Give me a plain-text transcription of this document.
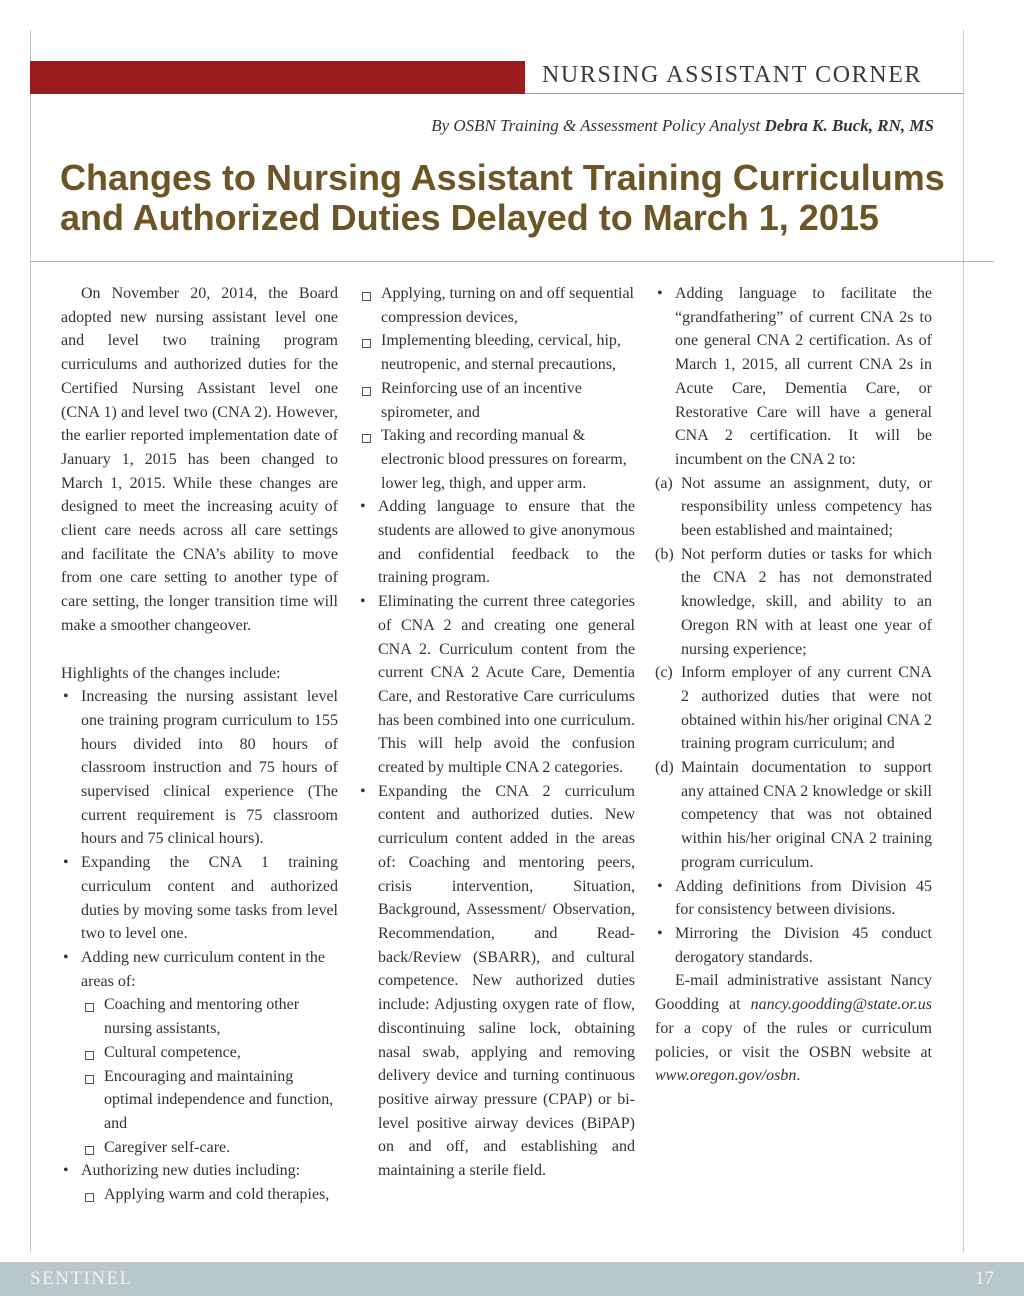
NURSING ASSISTANT CORNER
By OSBN Training & Assessment Policy Analyst Debra K. Buck, RN, MS
Changes to Nursing Assistant Training Curriculums
and Authorized Duties Delayed to March 1, 2015

On November 20, 2014, the Board adopted new nursing assistant level one and level two training program curriculums and authorized duties for the Certified Nursing Assistant level one (CNA 1) and level two (CNA 2). However, the earlier reported implementation date of January 1, 2015 has been changed to March 1, 2015. While these changes are designed to meet the increasing acuity of client care needs across all care settings and facilitate the CNA’s ability to move from one care setting to another type of care setting, the longer transition time will make a smoother changeover.

Highlights of the changes include:

• Increasing the nursing assistant level one training program curriculum to 155 hours divided into 80 hours of classroom instruction and 75 hours of supervised clinical experience (The current requirement is 75 classroom hours and 75 clinical hours).
• Expanding the CNA 1 training curriculum content and authorized duties by moving some tasks from level two to level one.
• Adding new curriculum content in the areas of:
Coaching and mentoring other nursing assistants,
Cultural competence,
Encouraging and maintaining optimal independence and function, and
Caregiver self-care.
• Authorizing new duties including:
Applying warm and cold therapies,
Applying, turning on and off sequential compression devices,
Implementing bleeding, cervical, hip, neutropenic, and sternal precautions,
Reinforcing use of an incentive spirometer, and
Taking and recording manual & electronic blood pressures on forearm, lower leg, thigh, and upper arm.
• Adding language to ensure that the students are allowed to give anonymous and confidential feedback to the training program.
• Eliminating the current three categories of CNA 2 and creating one general CNA 2. Curriculum content from the current CNA 2 Acute Care, Dementia Care, and Restorative Care curriculums has been combined into one curriculum. This will help avoid the confusion created by multiple CNA 2 categories.
• Expanding the CNA 2 curriculum content and authorized duties. New curriculum content added in the areas of: Coaching and mentoring peers, crisis intervention, Situation, Background, Assessment/ Observation, Recommendation, and Read-back/Review (SBARR), and cultural competence. New authorized duties include: Adjusting oxygen rate of flow, discontinuing saline lock, obtaining nasal swab, applying and removing delivery device and turning continuous positive airway pressure (CPAP) or bi-level positive airway devices (BiPAP) on and off, and establishing and maintaining a sterile field.
• Adding language to facilitate the “grandfathering” of current CNA 2s to one general CNA 2 certification. As of March 1, 2015, all current CNA 2s in Acute Care, Dementia Care, or Restorative Care will have a general CNA 2 certification. It will be incumbent on the CNA 2 to:
(a) Not assume an assignment, duty, or responsibility unless competency has been established and maintained;
(b) Not perform duties or tasks for which the CNA 2 has not demonstrated knowledge, skill, and ability to an Oregon RN with at least one year of nursing experience;
(c) Inform employer of any current CNA 2 authorized duties that were not obtained within his/her original CNA 2 training program curriculum; and
(d) Maintain documentation to support any attained CNA 2 knowledge or skill competency that was not obtained within his/her original CNA 2 training program curriculum.
• Adding definitions from Division 45 for consistency between divisions.
• Mirroring the Division 45 conduct derogatory standards.

E-mail administrative assistant Nancy Goodding at nancy.goodding@state.or.us for a copy of the rules or curriculum policies, or visit the OSBN website at www.oregon.gov/osbn.

SENTINEL	17
